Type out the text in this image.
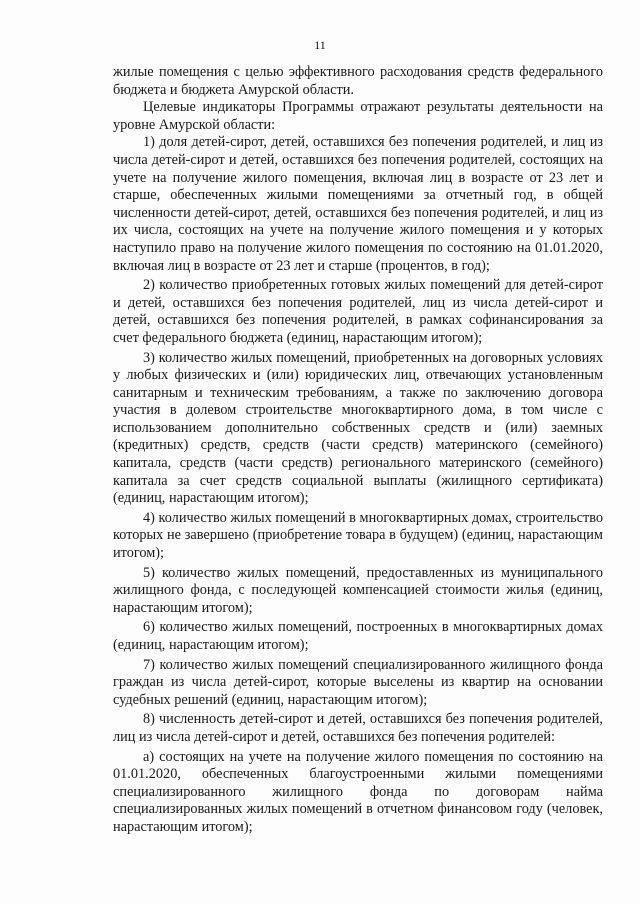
11

жилые помещения с целью эффективного расходования средств федерального бюджета и бюджета Амурской области.

Целевые индикаторы Программы отражают результаты деятельности на уровне Амурской области:

1) доля детей-сирот, детей, оставшихся без попечения родителей, и лиц из числа детей-сирот и детей, оставшихся без попечения родителей, состоящих на учете на получение жилого помещения, включая лиц в возрасте от 23 лет и старше, обеспеченных жилыми помещениями за отчетный год, в общей численности детей-сирот, детей, оставшихся без попечения родителей, и лиц из их числа, состоящих на учете на получение жилого помещения и у которых наступило право на получение жилого помещения по состоянию на 01.01.2020, включая лиц в возрасте от 23 лет и старше (процентов, в год);

2) количество приобретенных готовых жилых помещений для детей-сирот и детей, оставшихся без попечения родителей, лиц из числа детей-сирот и детей, оставшихся без попечения родителей, в рамках софинансирования за счет федерального бюджета (единиц, нарастающим итогом);

3) количество жилых помещений, приобретенных на договорных условиях у любых физических и (или) юридических лиц, отвечающих установленным санитарным и техническим требованиям, а также по заключению договора участия в долевом строительстве многоквартирного дома, в том числе с использованием дополнительно собственных средств и (или) заемных (кредитных) средств, средств (части средств) материнского (семейного) капитала, средств (части средств) регионального материнского (семейного) капитала за счет средств социальной выплаты (жилищного сертификата) (единиц, нарастающим итогом);

4) количество жилых помещений в многоквартирных домах, строительство которых не завершено (приобретение товара в будущем) (единиц, нарастающим итогом);

5) количество жилых помещений, предоставленных из муниципального жилищного фонда, с последующей компенсацией стоимости жилья (единиц, нарастающим итогом);

6) количество жилых помещений, построенных в многоквартирных домах (единиц, нарастающим итогом);

7) количество жилых помещений специализированного жилищного фонда граждан из числа детей-сирот, которые выселены из квартир на основании судебных решений (единиц, нарастающим итогом);

8) численность детей-сирот и детей, оставшихся без попечения родителей, лиц из числа детей-сирот и детей, оставшихся без попечения родителей:

а) состоящих на учете на получение жилого помещения по состоянию на 01.01.2020, обеспеченных благоустроенными жилыми помещениями специализированного жилищного фонда по договорам найма специализированных жилых помещений в отчетном финансовом году (человек, нарастающим итогом);
